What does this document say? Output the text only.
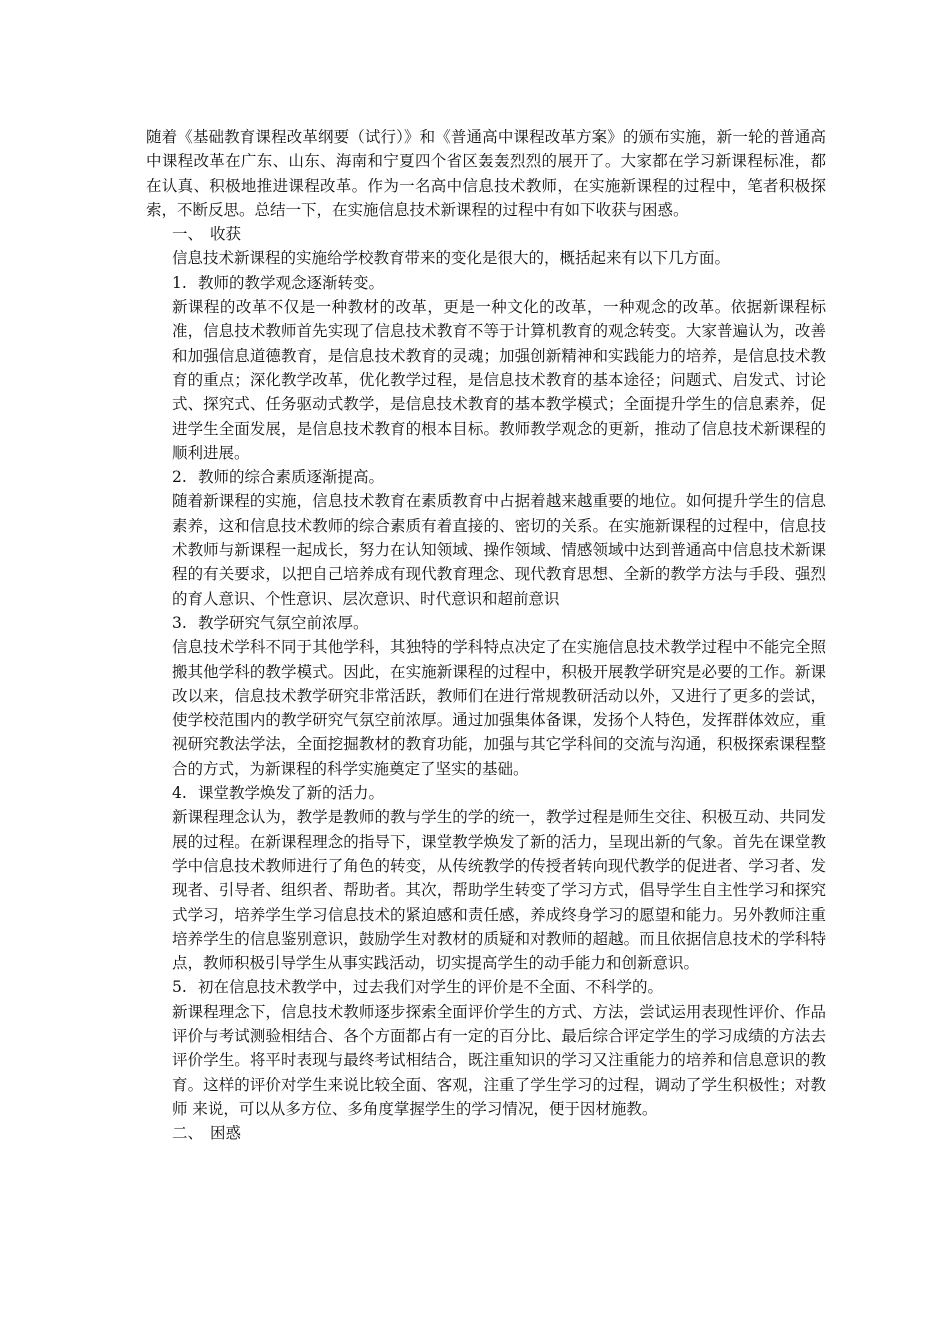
随着《基础教育课程改革纲要（试行）》和《普通高中课程改革方案》的颁布实施，新一轮的普通高中课程改革在广东、山东、海南和宁夏四个省区轰轰烈烈的展开了。大家都在学习新课程标准，都在认真、积极地推进课程改革。作为一名高中信息技术教师，在实施新课程的过程中，笔者积极探索，不断反思。总结一下，在实施信息技术新课程的过程中有如下收获与困惑。

一、 收获

信息技术新课程的实施给学校教育带来的变化是很大的，概括起来有以下几方面。

1. 教师的教学观念逐渐转变。

新课程的改革不仅是一种教材的改革，更是一种文化的改革，一种观念的改革。依据新课程标准，信息技术教师首先实现了信息技术教育不等于计算机教育的观念转变。大家普遍认为，改善和加强信息道德教育，是信息技术教育的灵魂；加强创新精神和实践能力的培养，是信息技术教育的重点；深化教学改革，优化教学过程，是信息技术教育的基本途径；问题式、启发式、讨论式、探究式、任务驱动式教学，是信息技术教育的基本教学模式；全面提升学生的信息素养，促进学生全面发展，是信息技术教育的根本目标。教师教学观念的更新，推动了信息技术新课程的顺利进展。

2. 教师的综合素质逐渐提高。

随着新课程的实施，信息技术教育在素质教育中占据着越来越重要的地位。如何提升学生的信息素养，这和信息技术教师的综合素质有着直接的、密切的关系。在实施新课程的过程中，信息技术教师与新课程一起成长，努力在认知领域、操作领域、情感领域中达到普通高中信息技术新课程的有关要求，以把自己培养成有现代教育理念、现代教育思想、全新的教学方法与手段、强烈的育人意识、个性意识、层次意识、时代意识和超前意识

3. 教学研究气氛空前浓厚。

信息技术学科不同于其他学科，其独特的学科特点决定了在实施信息技术教学过程中不能完全照搬其他学科的教学模式。因此，在实施新课程的过程中，积极开展教学研究是必要的工作。新课改以来，信息技术教学研究非常活跃，教师们在进行常规教研活动以外，又进行了更多的尝试，使学校范围内的教学研究气氛空前浓厚。通过加强集体备课，发扬个人特色，发挥群体效应，重视研究教法学法，全面挖掘教材的教育功能，加强与其它学科间的交流与沟通，积极探索课程整合的方式，为新课程的科学实施奠定了坚实的基础。

4. 课堂教学焕发了新的活力。

新课程理念认为，教学是教师的教与学生的学的统一，教学过程是师生交往、积极互动、共同发展的过程。在新课程理念的指导下，课堂教学焕发了新的活力，呈现出新的气象。首先在课堂教学中信息技术教师进行了角色的转变，从传统教学的传授者转向现代教学的促进者、学习者、发现者、引导者、组织者、帮助者。其次，帮助学生转变了学习方式，倡导学生自主性学习和探究式学习，培养学生学习信息技术的紧迫感和责任感，养成终身学习的愿望和能力。另外教师注重培养学生的信息鉴别意识，鼓励学生对教材的质疑和对教师的超越。而且依据信息技术的学科特点，教师积极引导学生从事实践活动，切实提高学生的动手能力和创新意识。

5. 初在信息技术教学中，过去我们对学生的评价是不全面、不科学的。

新课程理念下，信息技术教师逐步探索全面评价学生的方式、方法，尝试运用表现性评价、作品评价与考试测验相结合、各个方面都占有一定的百分比、最后综合评定学生的学习成绩的方法去评价学生。将平时表现与最终考试相结合，既注重知识的学习又注重能力的培养和信息意识的教育。这样的评价对学生来说比较全面、客观，注重了学生学习的过程，调动了学生积极性；对教师 来说，可以从多方位、多角度掌握学生的学习情况，便于因材施教。

二、 困惑
